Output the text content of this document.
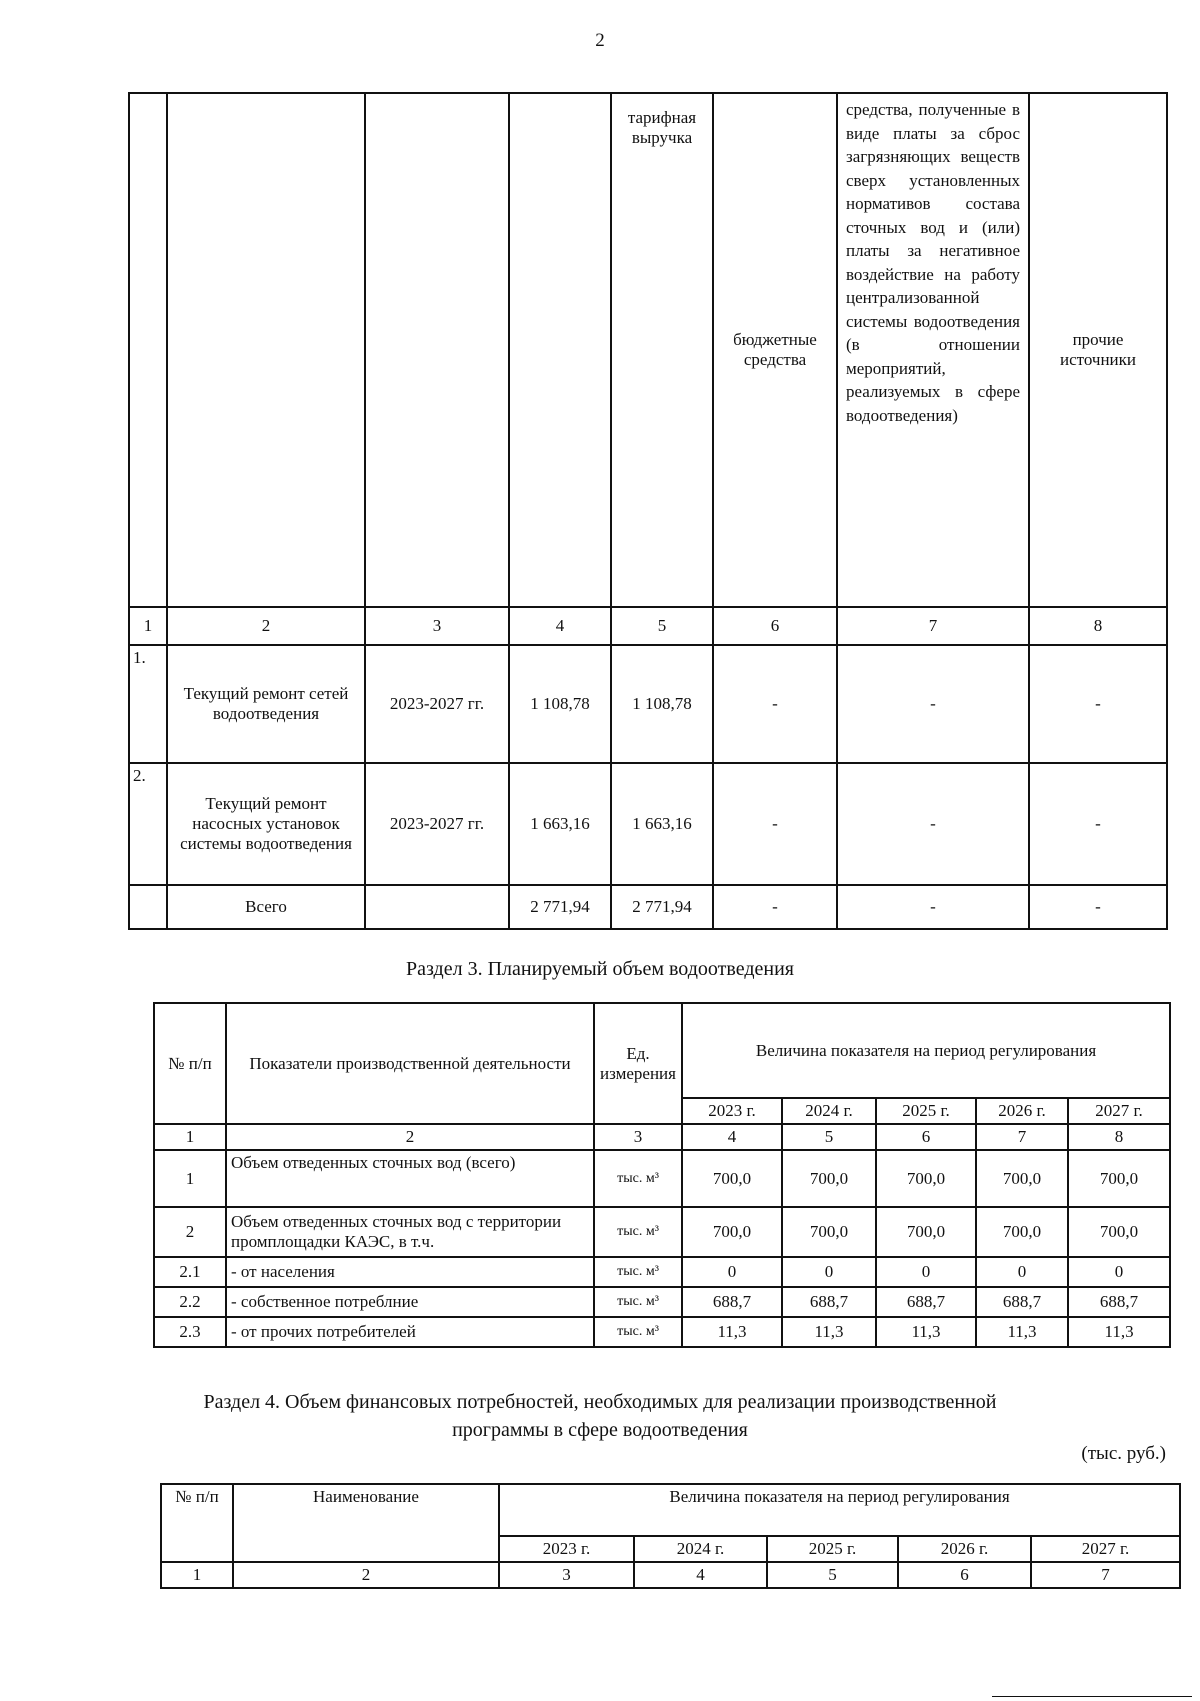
2
				тарифная выручка	бюджетные средства	средства, полученные в виде платы за сброс загрязняющих веществ сверх установленных нормативов состава сточных вод и (или) платы за негативное воздействие на работу централизованной системы водоотведения (в отношении мероприятий, реализуемых в сфере водоотведения)	прочие источники
1	2	3	4	5	6	7	8
1.	Текущий ремонт сетей водоотведения	2023-2027 гг.	1 108,78	1 108,78	-	-	-
2.	Текущий ремонт насосных установок системы водоотведения	2023-2027 гг.	1 663,16	1 663,16	-	-	-
	Всего		2 771,94	2 771,94	-	-	-
Раздел 3. Планируемый объем водоотведения
№ п/п	Показатели производственной деятельности	Ед. измерения	Величина показателя на период регулирования				
			2023 г.	2024 г.	2025 г.	2026 г.	2027 г.
1	2	3	4	5	6	7	8
1	Объем отведенных сточных вод (всего)	тыс. м³	700,0	700,0	700,0	700,0	700,0
2	Объем отведенных сточных вод с территории промплощадки КАЭС, в т.ч.	тыс. м³	700,0	700,0	700,0	700,0	700,0
2.1	- от населения	тыс. м³	0	0	0	0	0
2.2	- собственное потреблние	тыс. м³	688,7	688,7	688,7	688,7	688,7
2.3	- от прочих потребителей	тыс. м³	11,3	11,3	11,3	11,3	11,3
Раздел 4. Объем финансовых потребностей, необходимых для реализации производственной
программы в сфере водоотведения
(тыс. руб.)
№ п/п	Наименование	Величина показателя на период регулирования				
		2023 г.	2024 г.	2025 г.	2026 г.	2027 г.
1	2	3	4	5	6	7
